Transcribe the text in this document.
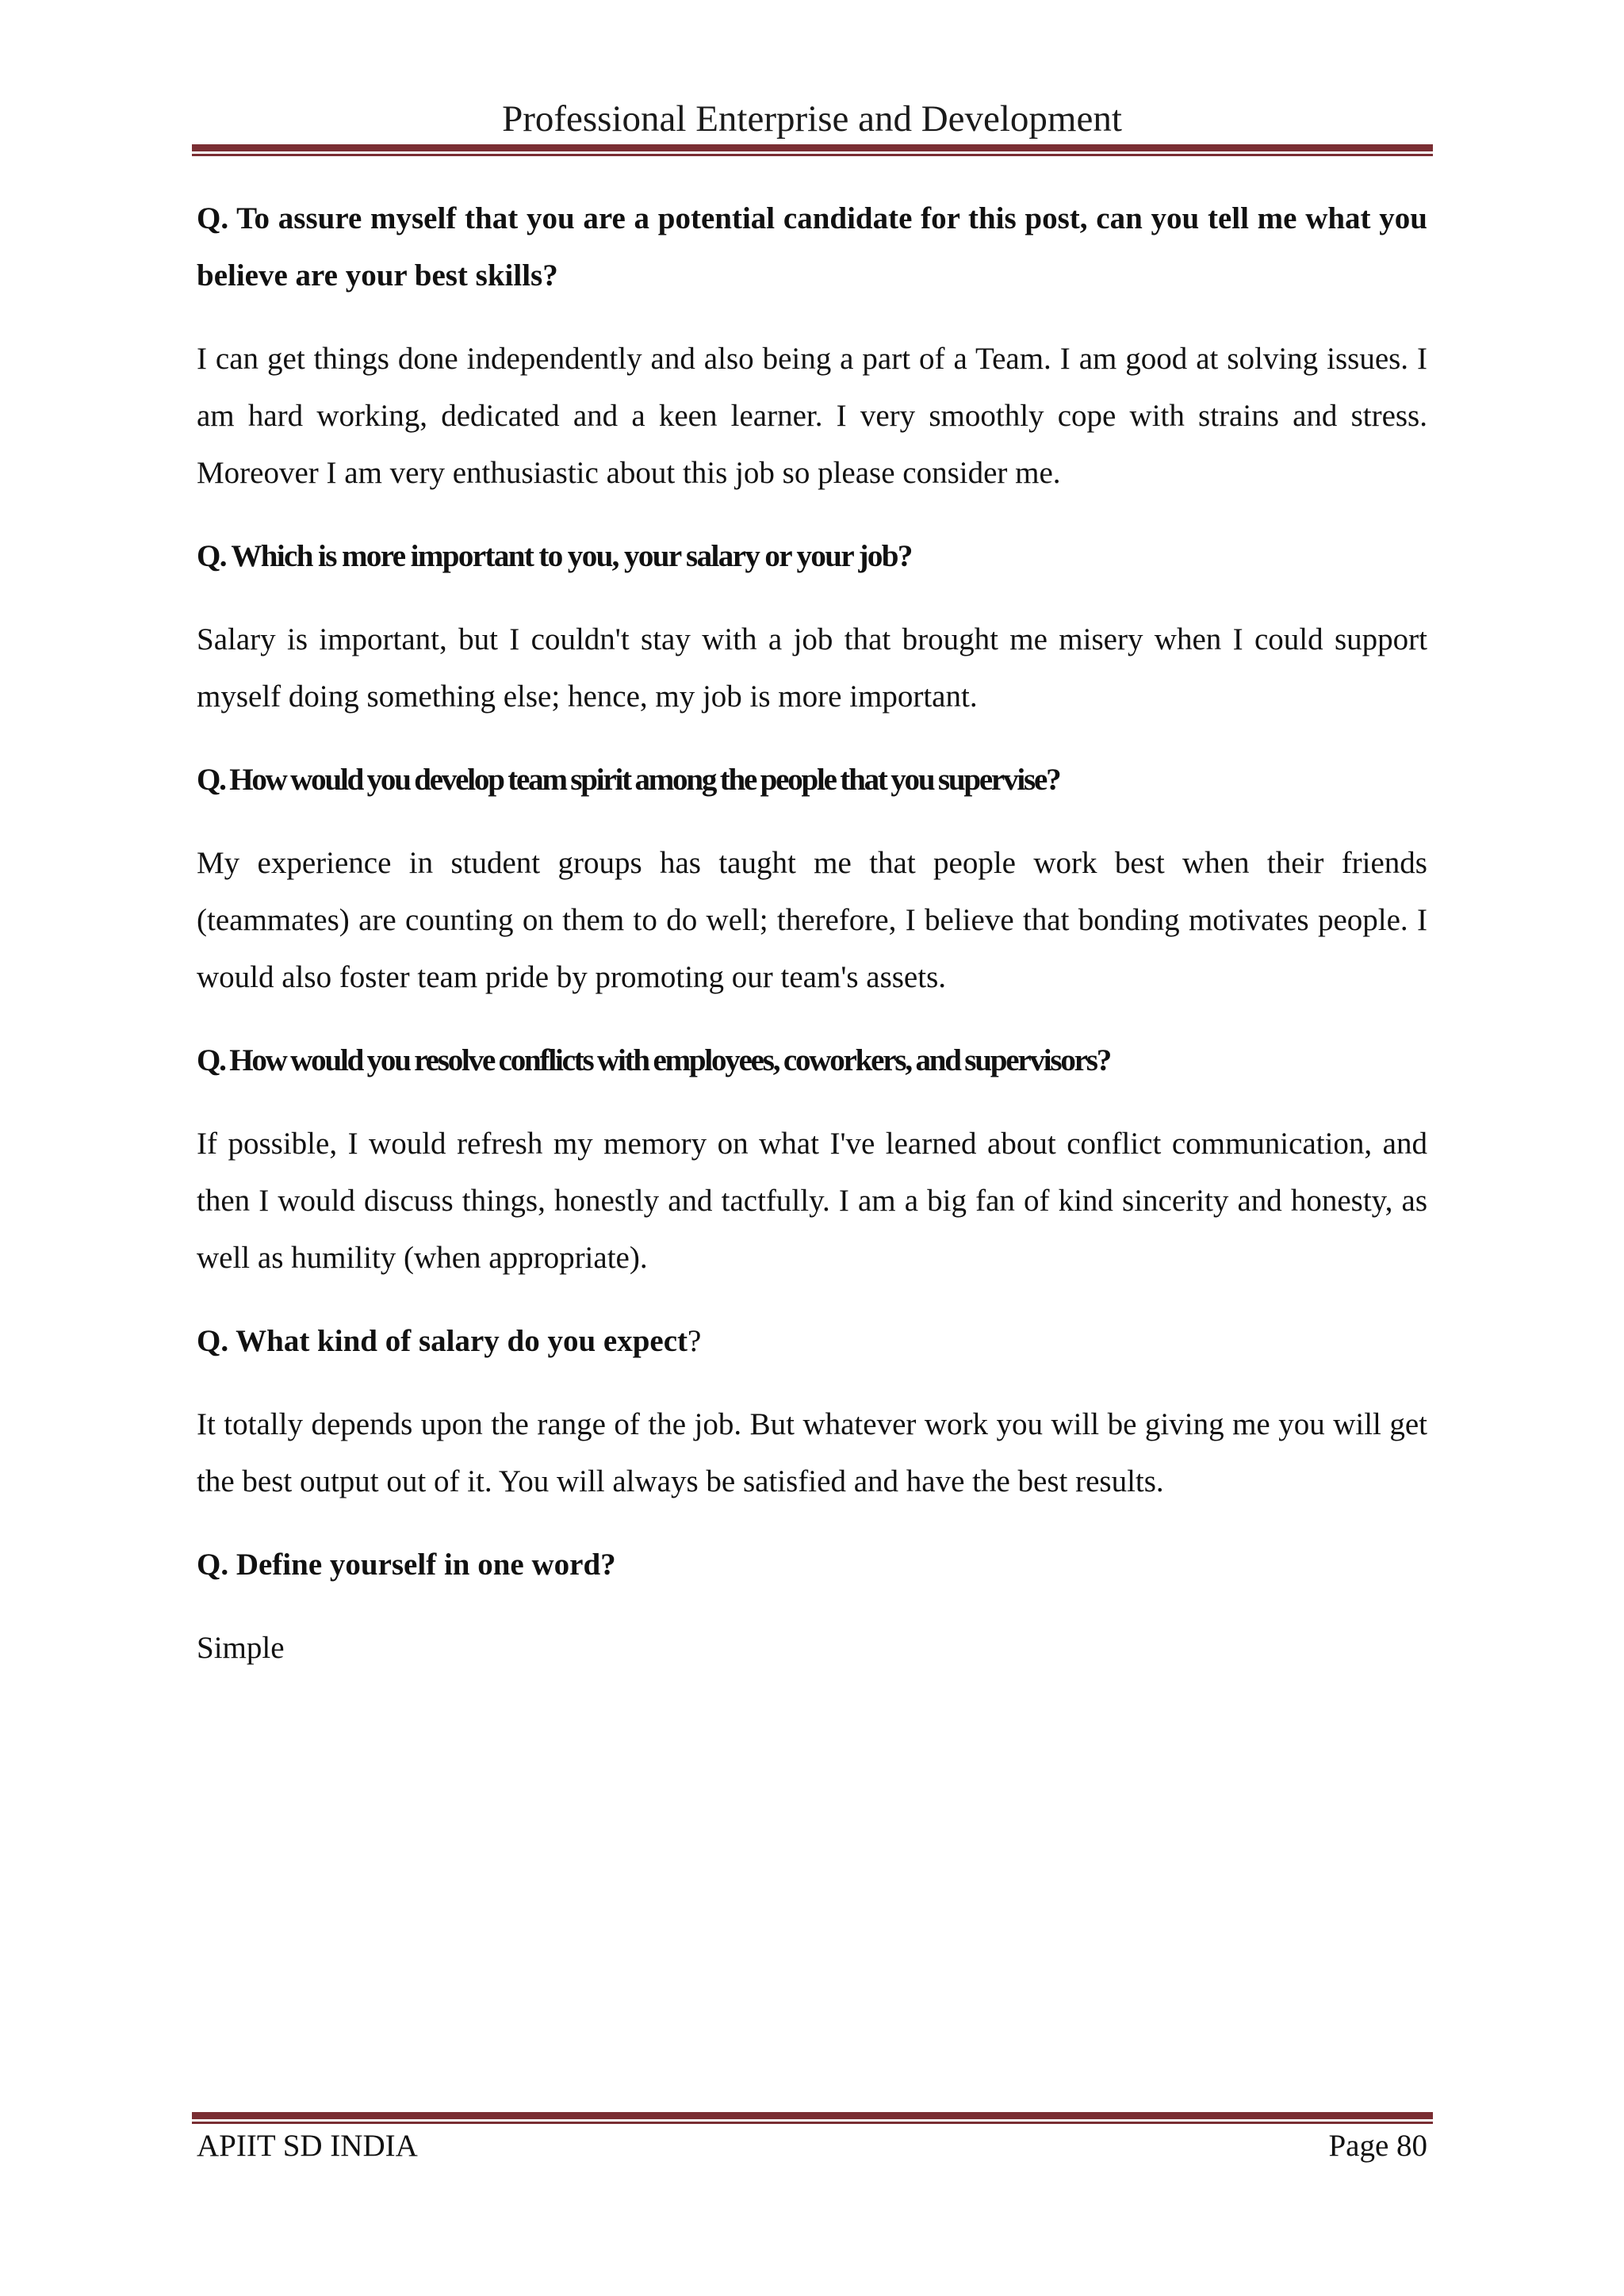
Professional Enterprise and Development

Q. To assure myself that you are a potential candidate for this post, can you tell me what you believe are your best skills?

I can get things done independently and also being a part of a Team. I am good at solving issues. I am hard working, dedicated and a keen learner. I very smoothly cope with strains and stress. Moreover I am very enthusiastic about this job so please consider me.

Q. Which is more important to you, your salary or your job?

Salary is important, but I couldn't stay with a job that brought me misery when I could support myself doing something else; hence, my job is more important.

Q. How would you develop team spirit among the people that you supervise?

My experience in student groups has taught me that people work best when their friends (teammates) are counting on them to do well; therefore, I believe that bonding motivates people. I would also foster team pride by promoting our team's assets.

Q. How would you resolve conflicts with employees, coworkers, and supervisors?

If possible, I would refresh my memory on what I've learned about conflict communication, and then I would discuss things, honestly and tactfully. I am a big fan of kind sincerity and honesty, as well as humility (when appropriate).

Q. What kind of salary do you expect?

It totally depends upon the range of the job. But whatever work you will be giving me you will get the best output out of it. You will always be satisfied and have the best results.

Q. Define yourself in one word?

Simple

APIIT SD INDIA	Page 80
